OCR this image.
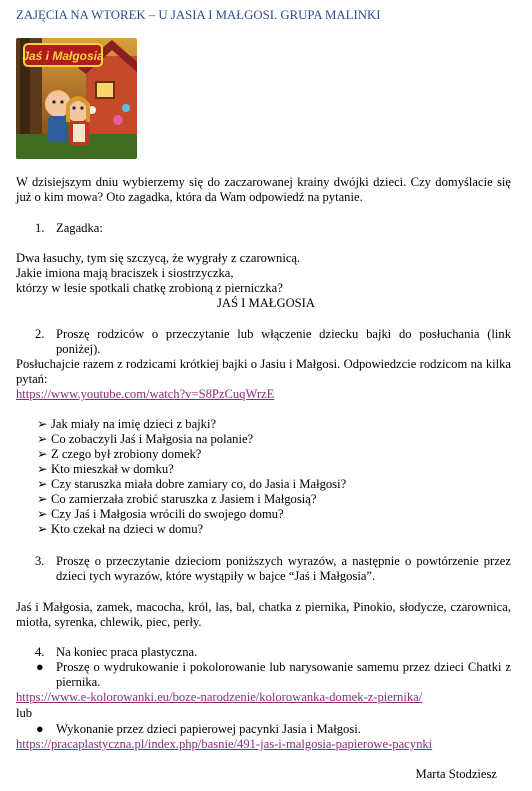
ZAJĘCIA NA WTOREK – U JASIA I MAŁGOSI. GRUPA MALINKI
Jaś i Małgosia
W dzisiejszym dniu wybierzemy się do zaczarowanej krainy dwójki dzieci. Czy domyślacie się już o kim mowa? Oto zagadka, która da Wam odpowiedź na pytanie.
1. Zagadka:
Dwa łasuchy, tym się szczycą, że wygrały z czarownicą.
Jakie imiona mają braciszek i siostrzyczka,
którzy w lesie spotkali chatkę zrobioną z pierniczka?
JAŚ I MAŁGOSIA
2. Proszę rodziców o przeczytanie lub włączenie dziecku bajki do posłuchania (link poniżej).
Posłuchajcie razem z rodzicami krótkiej bajki o Jasiu i Małgosi. Odpowiedzcie rodzicom na kilka pytań:
https://www.youtube.com/watch?v=S8PzCuqWrzE
➢ Jak miały na imię dzieci z bajki?
➢ Co zobaczyli Jaś i Małgosia na polanie?
➢ Z czego był zrobiony domek?
➢ Kto mieszkał w domku?
➢ Czy staruszka miała dobre zamiary co, do Jasia i Małgosi?
➢ Co zamierzała zrobić staruszka z Jasiem i Małgosią?
➢ Czy Jaś i Małgosia wrócili do swojego domu?
➢ Kto czekał na dzieci w domu?
3. Proszę o przeczytanie dzieciom poniższych wyrazów, a następnie o powtórzenie przez dzieci tych wyrazów, które wystąpiły w bajce “Jaś i Małgosia”.
Jaś i Małgosia, zamek, macocha, król, las, bal, chatka z piernika, Pinokio, słodycze, czarownica, miotła, syrenka, chlewik, piec, perły.
4. Na koniec praca plastyczna.
● Proszę o wydrukowanie i pokolorowanie lub narysowanie samemu przez dzieci Chatki z piernika.
https://www.e-kolorowanki.eu/boze-narodzenie/kolorowanka-domek-z-piernika/
lub
● Wykonanie przez dzieci papierowej pacynki Jasia i Małgosi.
https://pracaplastyczna.pl/index.php/basnie/491-jas-i-malgosia-papierowe-pacynki
Marta Stodziesz
